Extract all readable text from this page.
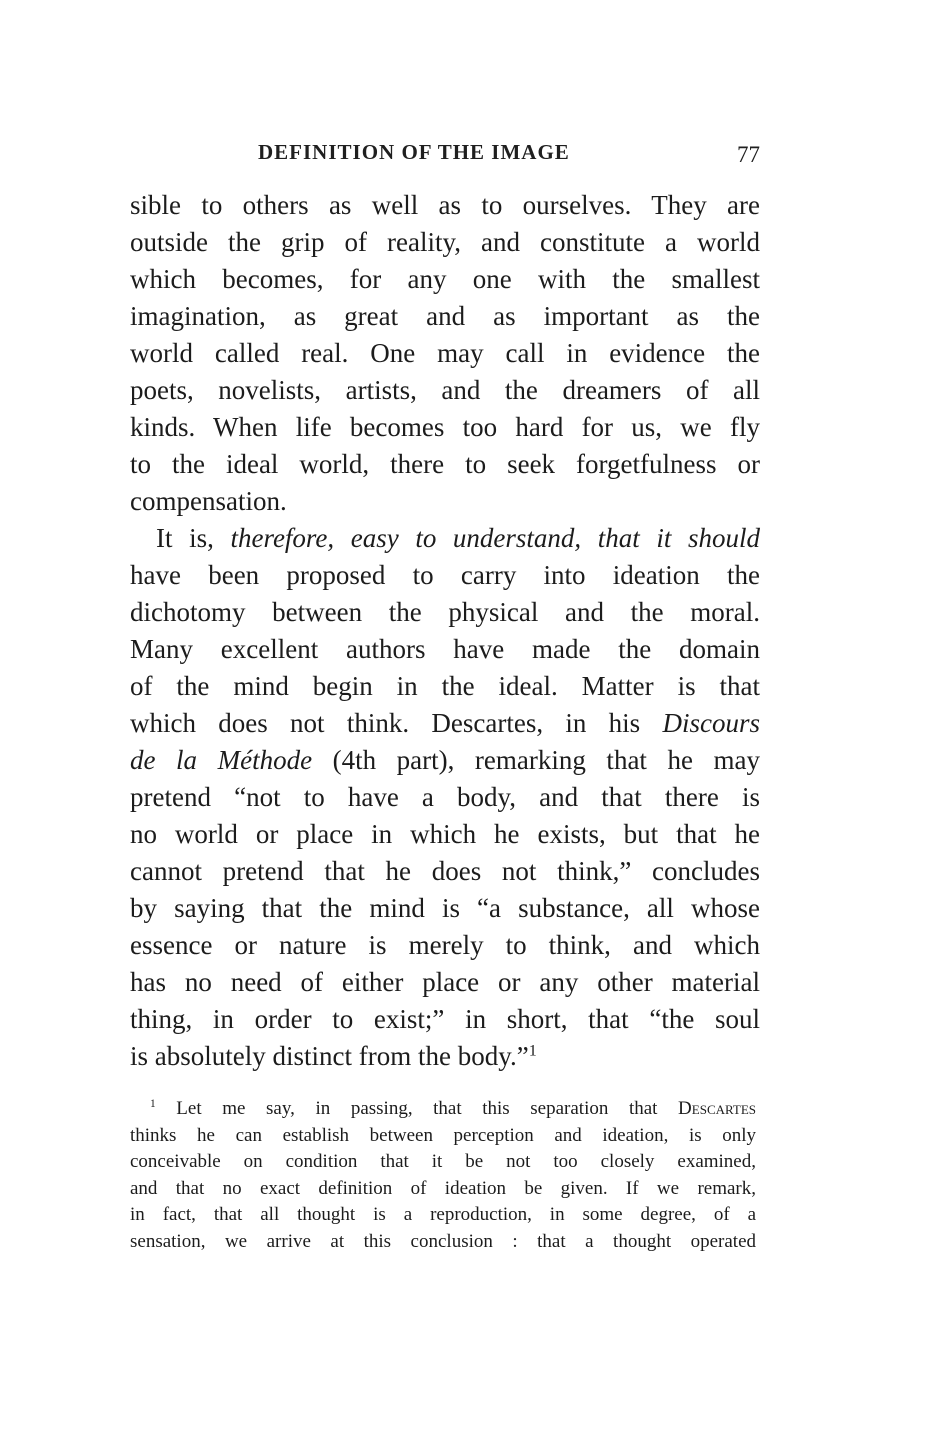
DEFINITION OF THE IMAGE	77
sible to others as well as to ourselves. They are
outside the grip of reality, and constitute a world
which becomes, for any one with the smallest
imagination, as great and as important as the
world called real. One may call in evidence the
poets, novelists, artists, and the dreamers of all
kinds. When life becomes too hard for us, we fly
to the ideal world, there to seek forgetfulness or
compensation.
It is, therefore, easy to understand, that it should
have been proposed to carry into ideation the
dichotomy between the physical and the moral.
Many excellent authors have made the domain
of the mind begin in the ideal. Matter is that
which does not think. Descartes, in his Discours
de la Méthode (4th part), remarking that he may
pretend “not to have a body, and that there is
no world or place in which he exists, but that he
cannot pretend that he does not think,” concludes
by saying that the mind is “a substance, all whose
essence or nature is merely to think, and which
has no need of either place or any other material
thing, in order to exist;” in short, that “the soul
is absolutely distinct from the body.”$^1$
$^1$ Let me say, in passing, that this separation that Descartes
thinks he can establish between perception and ideation, is only
conceivable on condition that it be not too closely examined,
and that no exact definition of ideation be given. If we remark,
in fact, that all thought is a reproduction, in some degree, of a
sensation, we arrive at this conclusion : that a thought operated
